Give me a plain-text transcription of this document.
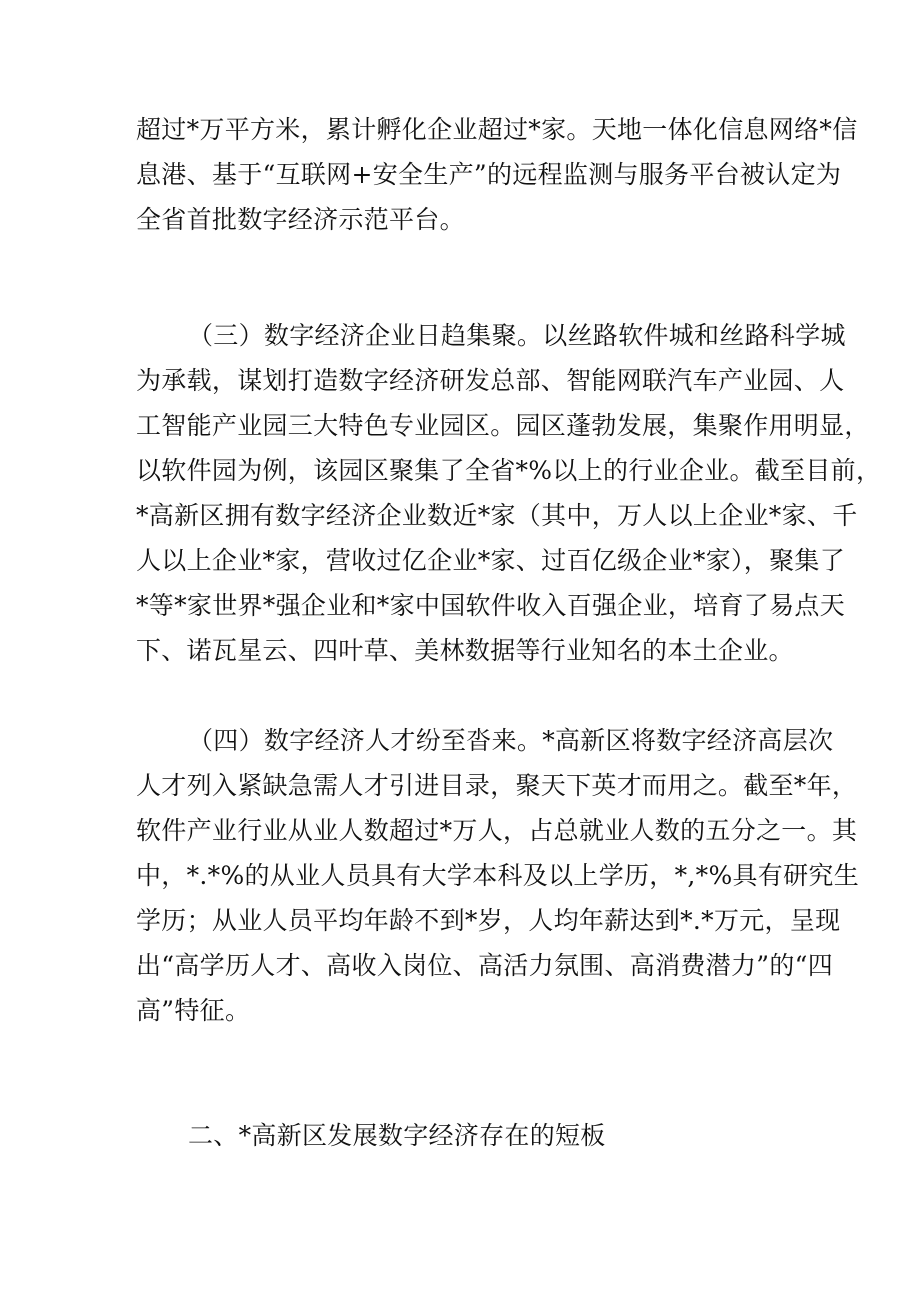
超过*万平方米，累计孵化企业超过*家。天地一体化信息网络*信
息港、基于“互联网+安全生产”的远程监测与服务平台被认定为
全省首批数字经济示范平台。
（三）数字经济企业日趋集聚。以丝路软件城和丝路科学城
为承载，谋划打造数字经济研发总部、智能网联汽车产业园、人
工智能产业园三大特色专业园区。园区蓬勃发展，集聚作用明显，
以软件园为例，该园区聚集了全省*%以上的行业企业。截至目前，
*高新区拥有数字经济企业数近*家（其中，万人以上企业*家、千
人以上企业*家，营收过亿企业*家、过百亿级企业*家），聚集了
*等*家世界*强企业和*家中国软件收入百强企业，培育了易点天
下、诺瓦星云、四叶草、美林数据等行业知名的本土企业。
（四）数字经济人才纷至沓来。*高新区将数字经济高层次
人才列入紧缺急需人才引进目录，聚天下英才而用之。截至*年，
软件产业行业从业人数超过*万人，占总就业人数的五分之一。其
中，*.*%的从业人员具有大学本科及以上学历，*,*%具有研究生
学历；从业人员平均年龄不到*岁，人均年薪达到*.*万元，呈现
出“高学历人才、高收入岗位、高活力氛围、高消费潜力”的“四
高”特征。
二、*高新区发展数字经济存在的短板
